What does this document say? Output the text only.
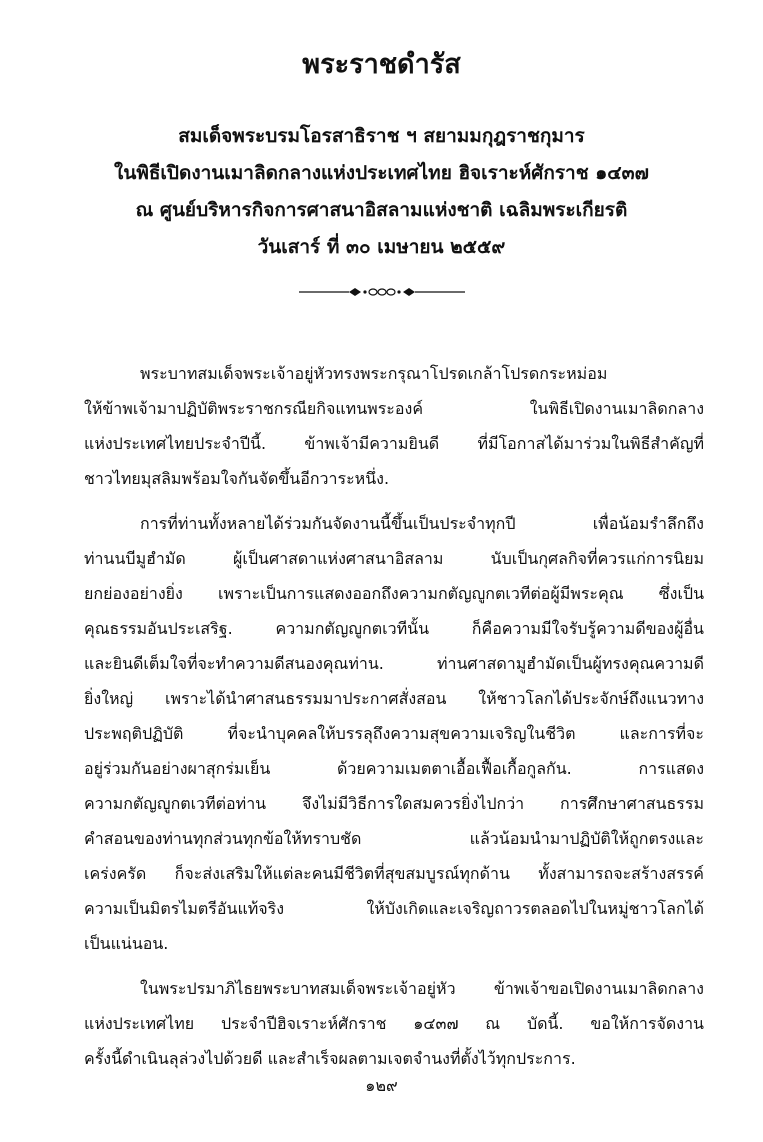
พระราชดำรัส
สมเด็จพระบรมโอรสาธิราช ฯ สยามมกุฎราชกุมาร
ในพิธีเปิดงานเมาลิดกลางแห่งประเทศไทย ฮิจเราะห์ศักราช ๑๔๓๗
ณ ศูนย์บริหารกิจการศาสนาอิสลามแห่งชาติ เฉลิมพระเกียรติ
วันเสาร์ ที่ ๓๐ เมษายน ๒๕๕๙
พระบาทสมเด็จพระเจ้าอยู่หัวทรงพระกรุณาโปรดเกล้าโปรดกระหม่อม
ให้ข้าพเจ้ามาปฏิบัติพระราชกรณียกิจแทนพระองค์ ในพิธีเปิดงานเมาลิดกลาง
แห่งประเทศไทยประจำปีนี้. ข้าพเจ้ามีความยินดี ที่มีโอกาสได้มาร่วมในพิธีสำคัญที่
ชาวไทยมุสลิมพร้อมใจกันจัดขึ้นอีกวาระหนึ่ง.
การที่ท่านทั้งหลายได้ร่วมกันจัดงานนี้ขึ้นเป็นประจำทุกปี เพื่อน้อมรำลึกถึง
ท่านนบีมูฮำมัด ผู้เป็นศาสดาแห่งศาสนาอิสลาม นับเป็นกุศลกิจที่ควรแก่การนิยม
ยกย่องอย่างยิ่ง เพราะเป็นการแสดงออกถึงความกตัญญูกตเวทีต่อผู้มีพระคุณ ซึ่งเป็น
คุณธรรมอันประเสริฐ. ความกตัญญูกตเวทีนั้น ก็คือความมีใจรับรู้ความดีของผู้อื่น
และยินดีเต็มใจที่จะทำความดีสนองคุณท่าน. ท่านศาสดามูฮำมัดเป็นผู้ทรงคุณความดี
ยิ่งใหญ่ เพราะได้นำศาสนธรรมมาประกาศสั่งสอน ให้ชาวโลกได้ประจักษ์ถึงแนวทาง
ประพฤติปฏิบัติ ที่จะนำบุคคลให้บรรลุถึงความสุขความเจริญในชีวิต และการที่จะ
อยู่ร่วมกันอย่างผาสุกร่มเย็น ด้วยความเมตตาเอื้อเฟื้อเกื้อกูลกัน. การแสดง
ความกตัญญูกตเวทีต่อท่าน จึงไม่มีวิธีการใดสมควรยิ่งไปกว่า การศึกษาศาสนธรรม
คำสอนของท่านทุกส่วนทุกข้อให้ทราบชัด แล้วน้อมนำมาปฏิบัติให้ถูกตรงและ
เคร่งครัด ก็จะส่งเสริมให้แต่ละคนมีชีวิตที่สุขสมบูรณ์ทุกด้าน ทั้งสามารถจะสร้างสรรค์
ความเป็นมิตรไมตรีอันแท้จริง ให้บังเกิดและเจริญถาวรตลอดไปในหมู่ชาวโลกได้
เป็นแน่นอน.
ในพระปรมาภิไธยพระบาทสมเด็จพระเจ้าอยู่หัว ข้าพเจ้าขอเปิดงานเมาลิดกลาง
แห่งประเทศไทย ประจำปีฮิจเราะห์ศักราช ๑๔๓๗ ณ บัดนี้. ขอให้การจัดงาน
ครั้งนี้ดำเนินลุล่วงไปด้วยดี และสำเร็จผลตามเจตจำนงที่ตั้งไว้ทุกประการ.
๑๒๙
